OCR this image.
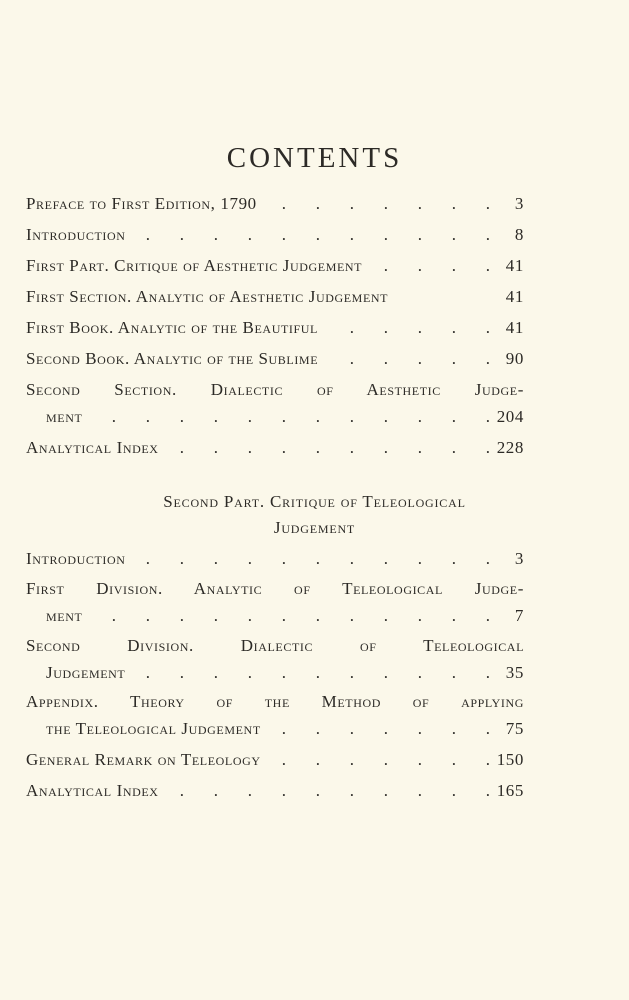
CONTENTS
Preface to First Edition, 1790 .	3
Introduction .	8
First Part. Critique of Aesthetic Judgement .	41
First Section. Analytic of Aesthetic Judgement	41
First Book. Analytic of the Beautiful .	41
Second Book. Analytic of the Sublime .	90
Second Section. Dialectic of Aesthetic Judge-
ment .	204
Analytical Index .	228
Second Part. Critique of Teleological
Judgement
Introduction .	3
First Division. Analytic of Teleological Judge-
ment .	7
Second Division. Dialectic of Teleological
Judgement .	35
Appendix. Theory of the Method of applying
the Teleological Judgement .	75
General Remark on Teleology .	150
Analytical Index .	165
